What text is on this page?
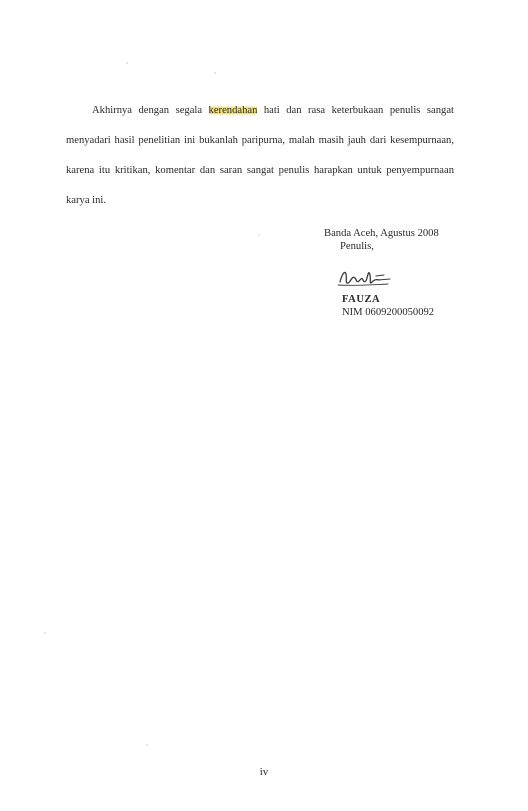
Akhirnya dengan segala kerendahan hati dan rasa keterbukaan penulis sangat menyadari hasil penelitian ini bukanlah paripurna, malah masih jauh dari kesempurnaan, karena itu kritikan, komentar dan saran sangat penulis harapkan untuk penyempurnaan karya ini.

Banda Aceh, Agustus 2008
Penulis,
FAUZA
NIM 0609200050092
iv
